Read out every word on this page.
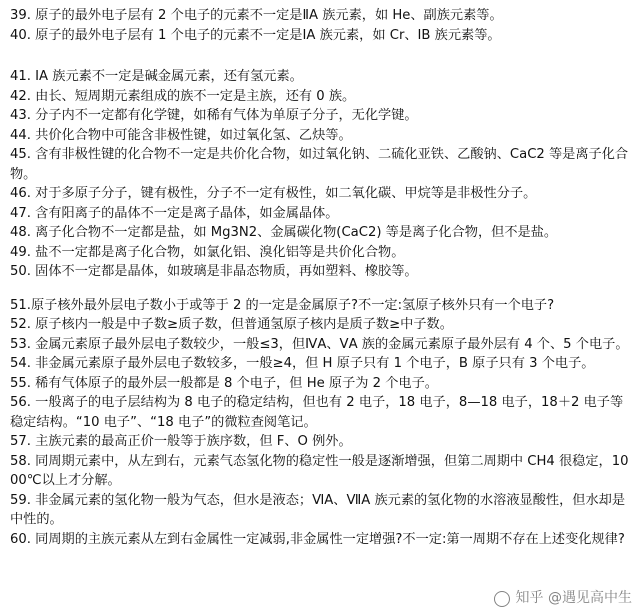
39. 原子的最外电子层有 2 个电子的元素不一定是ⅡA 族元素，如 He、副族元素等。

40. 原子的最外电子层有 1 个电子的元素不一定是ⅠA 族元素，如 Cr、ⅠB 族元素等。

41. ⅠA 族元素不一定是碱金属元素，还有氢元素。

42. 由长、短周期元素组成的族不一定是主族，还有 0 族。

43. 分子内不一定都有化学键，如稀有气体为单原子分子，无化学键。

44. 共价化合物中可能含非极性键，如过氧化氢、乙炔等。

45. 含有非极性键的化合物不一定是共价化合物，如过氧化钠、二硫化亚铁、乙酸钠、CaC2 等是离子化合物。

46. 对于多原子分子，键有极性，分子不一定有极性，如二氧化碳、甲烷等是非极性分子。

47. 含有阳离子的晶体不一定是离子晶体，如金属晶体。

48. 离子化合物不一定都是盐，如 Mg3N2、金属碳化物(CaC2) 等是离子化合物，但不是盐。

49. 盐不一定都是离子化合物，如氯化铝、溴化铝等是共价化合物。

50. 固体不一定都是晶体，如玻璃是非晶态物质，再如塑料、橡胶等。

51.原子核外最外层电子数小于或等于 2 的一定是金属原子?不一定:氢原子核外只有一个电子?

52. 原子核内一般是中子数≥质子数，但普通氢原子核内是质子数≥中子数。

53. 金属元素原子最外层电子数较少，一般≤3，但ⅣA、ⅤA 族的金属元素原子最外层有 4 个、5 个电子。

54. 非金属元素原子最外层电子数较多，一般≥4，但 H 原子只有 1 个电子，B 原子只有 3 个电子。

55. 稀有气体原子的最外层一般都是 8 个电子，但 He 原子为 2 个电子。

56. 一般离子的电子层结构为 8 电子的稳定结构，但也有 2 电子，18 电子，8—18 电子，18＋2 电子等稳定结构。“10 电子”、“18 电子”的微粒查阅笔记。

57. 主族元素的最高正价一般等于族序数，但 F、O 例外。

58. 同周期元素中，从左到右，元素气态氢化物的稳定性一般是逐渐增强，但第二周期中 CH4 很稳定，1000℃以上才分解。

59. 非金属元素的氢化物一般为气态，但水是液态；ⅥA、ⅦA 族元素的氢化物的水溶液显酸性，但水却是中性的。

60. 同周期的主族元素从左到右金属性一定减弱,非金属性一定增强?不一定:第一周期不存在上述变化规律?

知乎 @遇见高中生
